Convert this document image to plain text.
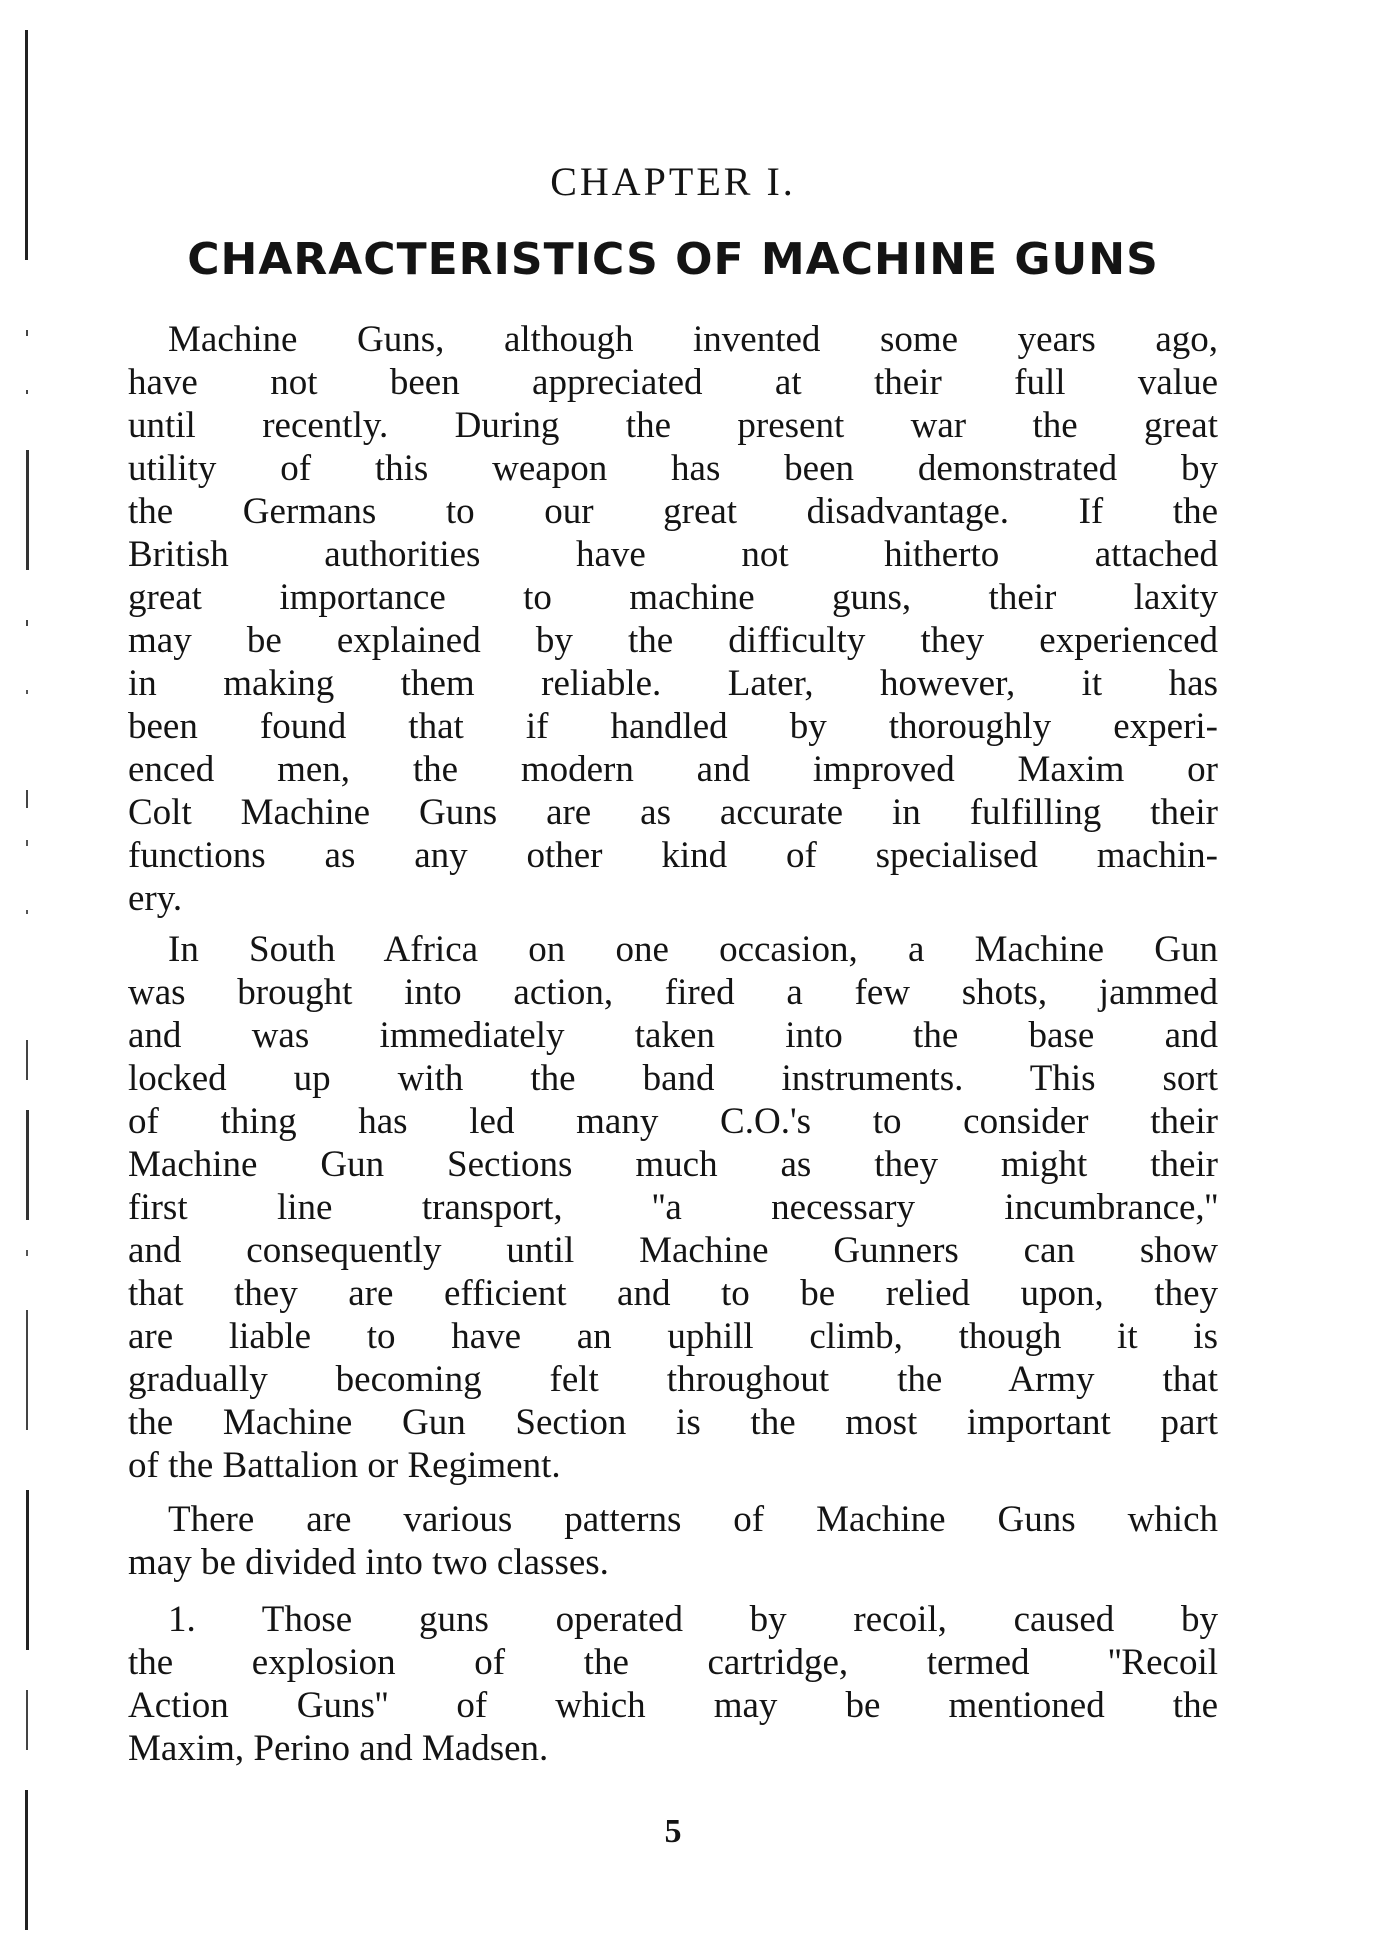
CHAPTER I.
CHARACTERISTICS OF MACHINE GUNS
Machine Guns, although invented some years ago,
have not been appreciated at their full value
until recently. During the present war the great
utility of this weapon has been demonstrated by
the Germans to our great disadvantage. If the
British authorities have not hitherto attached
great importance to machine guns, their laxity
may be explained by the difficulty they experienced
in making them reliable. Later, however, it has
been found that if handled by thoroughly experi-
enced men, the modern and improved Maxim or
Colt Machine Guns are as accurate in fulfilling their
functions as any other kind of specialised machin-
ery.
In South Africa on one occasion, a Machine Gun
was brought into action, fired a few shots, jammed
and was immediately taken into the base and
locked up with the band instruments. This sort
of thing has led many C.O.'s to consider their
Machine Gun Sections much as they might their
first line transport, ''a necessary incumbrance,''
and consequently until Machine Gunners can show
that they are efficient and to be relied upon, they
are liable to have an uphill climb, though it is
gradually becoming felt throughout the Army that
the Machine Gun Section is the most important part
of the Battalion or Regiment.
There are various patterns of Machine Guns which
may be divided into two classes.
1. Those guns operated by recoil, caused by
the explosion of the cartridge, termed ''Recoil
Action Guns'' of which may be mentioned the
Maxim, Perino and Madsen.
5
